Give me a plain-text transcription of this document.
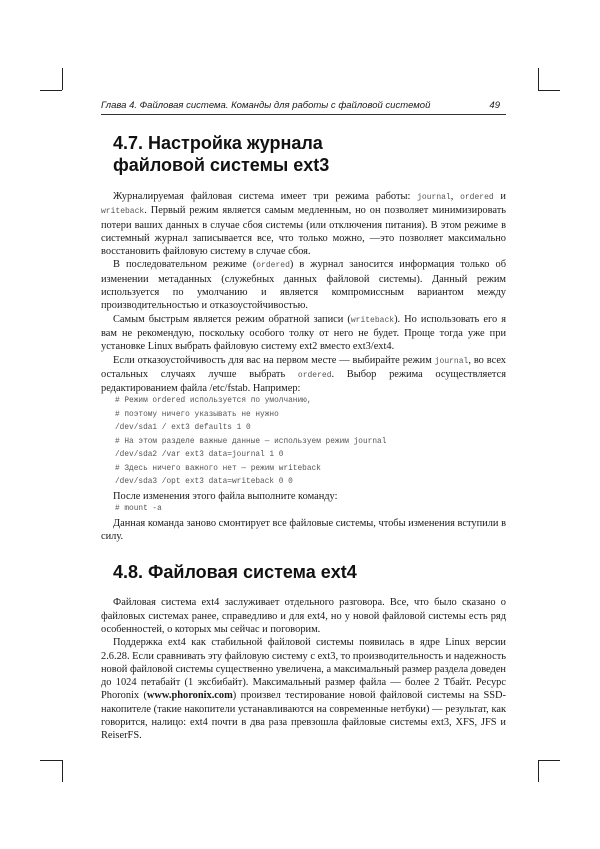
Глава 4. Файловая система. Команды для работы с файловой системой	49
4.7. Настройка журнала
файловой системы ext3

Журналируемая файловая система имеет три режима работы: journal, ordered и writeback. Первый режим является самым медленным, но он позволяет минимизировать потери ваших данных в случае сбоя системы (или отключения питания). В этом режиме в системный журнал записывается все, что только можно, —это позволяет максимально восстановить файловую систему в случае сбоя.

В последовательном режиме (ordered) в журнал заносится информация только об изменении метаданных (служебных данных файловой системы). Данный режим используется по умолчанию и является компромиссным вариантом между производительностью и отказоустойчивостью.

Самым быстрым является режим обратной записи (writeback). Но использовать его я вам не рекомендую, поскольку особого толку от него не будет. Проще тогда уже при установке Linux выбрать файловую систему ext2 вместо ext3/ext4.

Если отказоустойчивость для вас на первом месте — выбирайте режим journal, во всех остальных случаях лучше выбрать ordered. Выбор режима осуществляется редактированием файла /etc/fstab. Например:

# Режим ordered используется по умолчанию,
# поэтому ничего указывать не нужно
/dev/sda1 / ext3 defaults 1 0
# На этом разделе важные данные — используем режим journal
/dev/sda2 /var ext3 data=journal 1 0
# Здесь ничего важного нет — режим writeback
/dev/sda3 /opt ext3 data=writeback 0 0

После изменения этого файла выполните команду:

# mount -a

Данная команда заново смонтирует все файловые системы, чтобы изменения вступили в силу.

4.8. Файловая система ext4

Файловая система ext4 заслуживает отдельного разговора. Все, что было сказано о файловых системах ранее, справедливо и для ext4, но у новой файловой системы есть ряд особенностей, о которых мы сейчас и поговорим.

Поддержка ext4 как стабильной файловой системы появилась в ядре Linux версии 2.6.28. Если сравнивать эту файловую систему с ext3, то производительность и надежность новой файловой системы существенно увеличена, а максимальный размер раздела доведен до 1024 петабайт (1 эксбибайт). Максимальный размер файла — более 2 Тбайт. Ресурс Phoronix (www.phoronix.com) произвел тестирование новой файловой системы на SSD-накопителе (такие накопители устанавливаются на современные нетбуки) — результат, как говорится, налицо: ext4 почти в два раза превзошла файловые системы ext3, XFS, JFS и ReiserFS.
